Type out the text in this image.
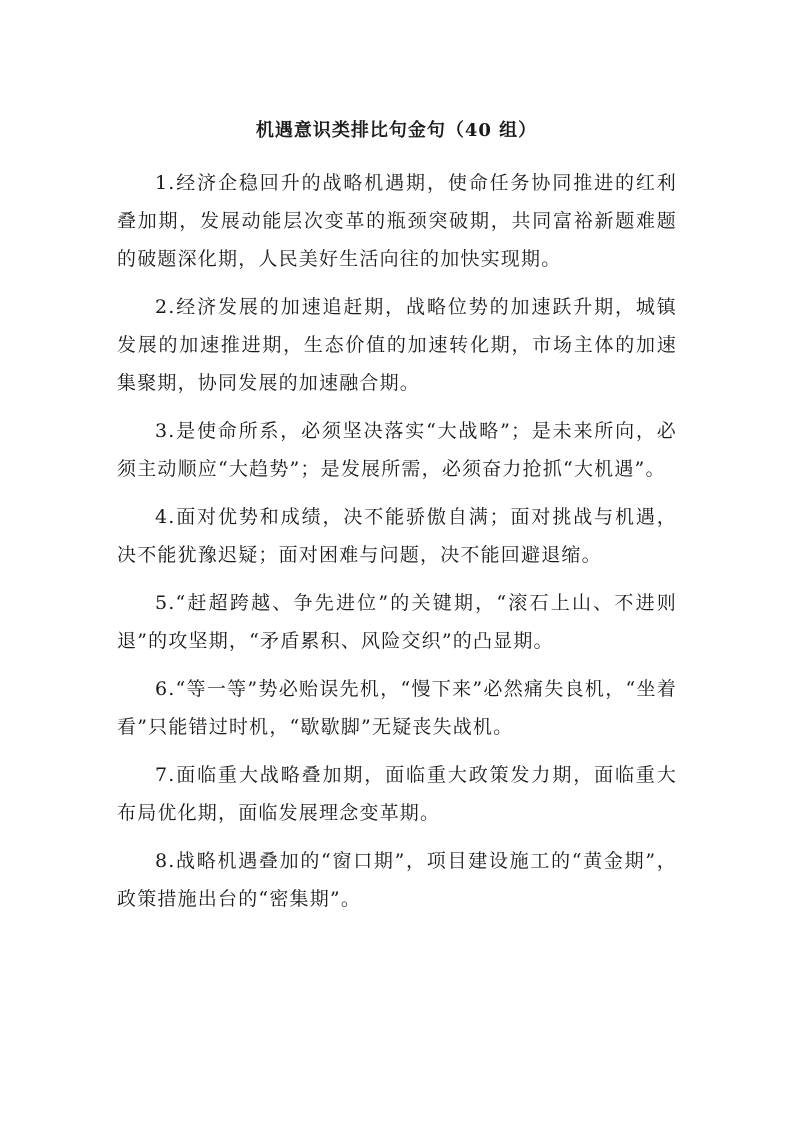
机遇意识类排比句金句（40 组）

1.经济企稳回升的战略机遇期，使命任务协同推进的红利叠加期，发展动能层次变革的瓶颈突破期，共同富裕新题难题的破题深化期，人民美好生活向往的加快实现期。

2.经济发展的加速追赶期，战略位势的加速跃升期，城镇发展的加速推进期，生态价值的加速转化期，市场主体的加速集聚期，协同发展的加速融合期。

3.是使命所系，必须坚决落实“大战略”；是未来所向，必须主动顺应“大趋势”；是发展所需，必须奋力抢抓“大机遇”。

4.面对优势和成绩，决不能骄傲自满；面对挑战与机遇，决不能犹豫迟疑；面对困难与问题，决不能回避退缩。

5.“赶超跨越、争先进位”的关键期，“滚石上山、不进则退”的攻坚期，“矛盾累积、风险交织”的凸显期。

6.“等一等”势必贻误先机，“慢下来”必然痛失良机，“坐着看”只能错过时机，“歇歇脚”无疑丧失战机。

7.面临重大战略叠加期，面临重大政策发力期，面临重大布局优化期，面临发展理念变革期。

8.战略机遇叠加的“窗口期”，项目建设施工的“黄金期”，政策措施出台的“密集期”。
